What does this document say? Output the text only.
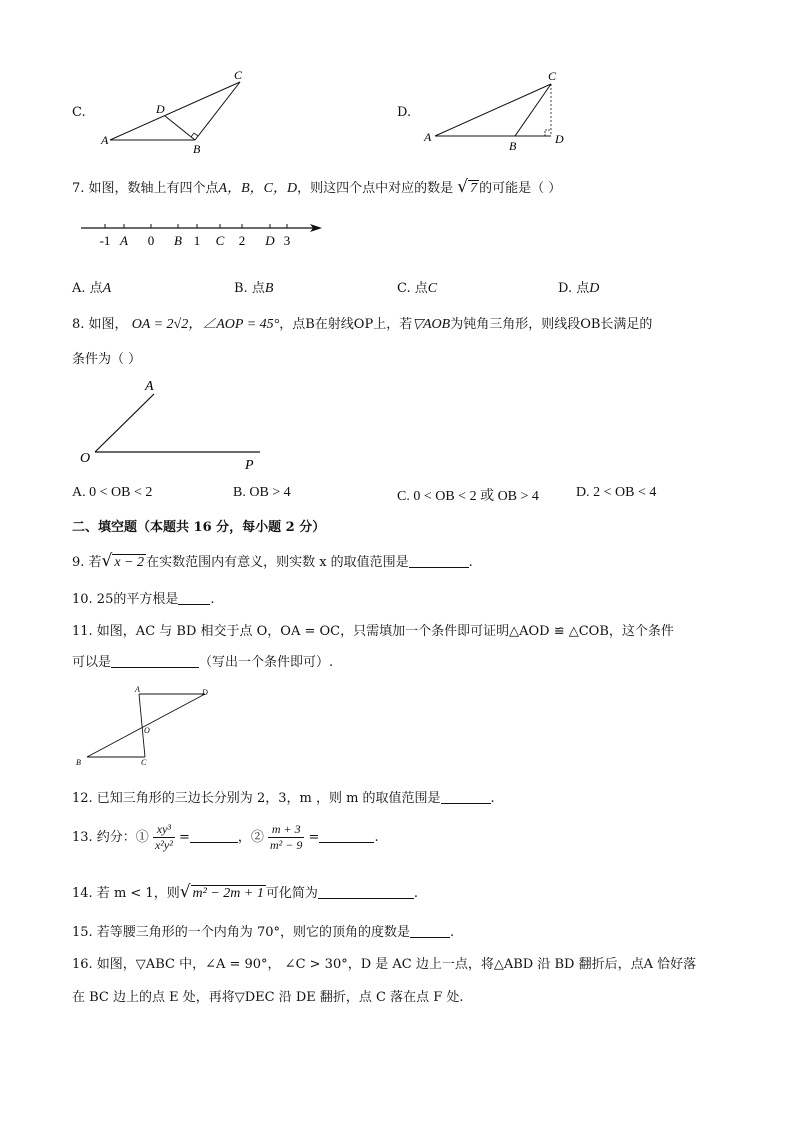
C.
A
B
C
D	D.
A
B
C
D
7. 如图，数轴上有四个点A，B，C，D，则这四个点中对应的数是 √ 7 的可能是（ ）
-1 A 0 B 1 C 2 D 3
A. 点A	B. 点B	C. 点C	D. 点D
8. 如图， OA = 2√2，∠AOP = 45°，点B在射线OP上，若▽AOB为钝角三角形，则线段OB长满足的
条件为（ ）
A
O	P
A. 0 < OB < 2	B. OB > 4	C. 0 < OB < 2 或 OB > 4	D. 2 < OB < 4
二、填空题（本题共 16 分，每小题 2 分）
9. 若√ x − 2 在实数范围内有意义，则实数 x 的取值范围是	.
10. 25的平方根是 .
11. 如图，AC 与 BD 相交于点 O，OA = OC，只需填加一个条件即可证明△AOD ≌ △COB，这个条件
可以是	（写出一个条件即可）.
A	D
O
B	C
12. 已知三角形的三边长分别为 2，3，m ，则 m 的取值范围是	.
13. 约分：① $\frac{\text{xy³}}{\text{x²y²}}$ =	，② $\frac{m + 3}{\text{m² − 9}}$ =	.
14. 若 m < 1，则√ m² − 2m + 1 可化简为	.
15. 若等腰三角形的一个内角为 70°，则它的顶角的度数是	.
16. 如图，▽ABC 中，∠A = 90°， ∠C > 30°，D 是 AC 边上一点，将△ABD 沿 BD 翻折后，点A 恰好落
在 BC 边上的点 E 处，再将▽DEC 沿 DE 翻折，点 C 落在点 F 处.
